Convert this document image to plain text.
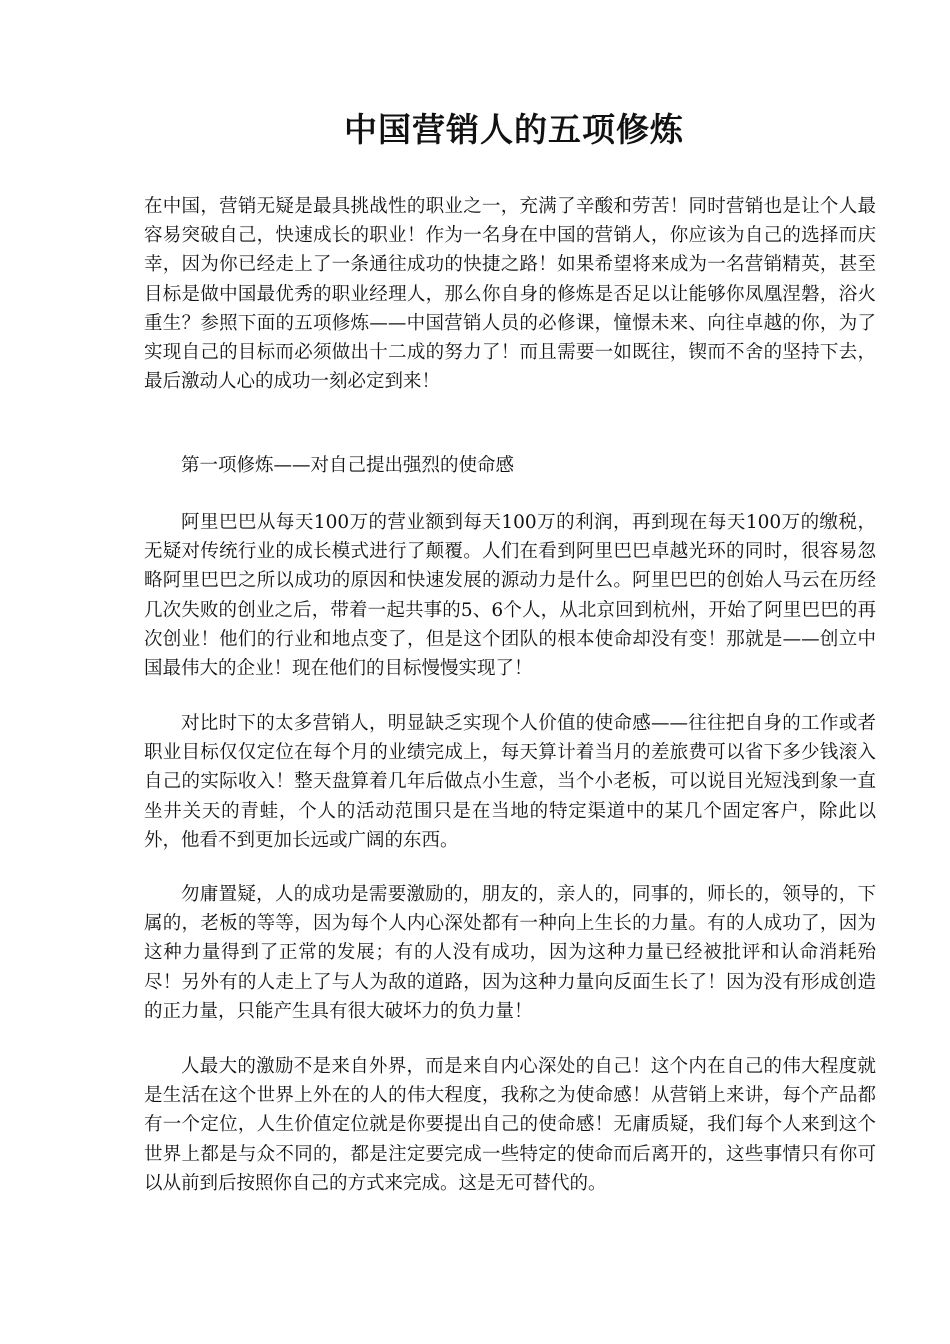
中国营销人的五项修炼

在中国，营销无疑是最具挑战性的职业之一，充满了辛酸和劳苦！同时营销也是让个人最容易突破自己，快速成长的职业！作为一名身在中国的营销人，你应该为自己的选择而庆幸，因为你已经走上了一条通往成功的快捷之路！如果希望将来成为一名营销精英，甚至目标是做中国最优秀的职业经理人，那么你自身的修炼是否足以让能够你凤凰涅磐，浴火重生？参照下面的五项修炼——中国营销人员的必修课，憧憬未来、向往卓越的你，为了实现自己的目标而必须做出十二成的努力了！而且需要一如既往，锲而不舍的坚持下去，最后激动人心的成功一刻必定到来！

第一项修炼——对自己提出强烈的使命感

阿里巴巴从每天100万的营业额到每天100万的利润，再到现在每天100万的缴税，无疑对传统行业的成长模式进行了颠覆。人们在看到阿里巴巴卓越光环的同时，很容易忽略阿里巴巴之所以成功的原因和快速发展的源动力是什么。阿里巴巴的创始人马云在历经几次失败的创业之后，带着一起共事的5、6个人，从北京回到杭州，开始了阿里巴巴的再次创业！他们的行业和地点变了，但是这个团队的根本使命却没有变！那就是——创立中国最伟大的企业！现在他们的目标慢慢实现了！

对比时下的太多营销人，明显缺乏实现个人价值的使命感——往往把自身的工作或者职业目标仅仅定位在每个月的业绩完成上，每天算计着当月的差旅费可以省下多少钱滚入自己的实际收入！整天盘算着几年后做点小生意，当个小老板，可以说目光短浅到象一直坐井关天的青蛙，个人的活动范围只是在当地的特定渠道中的某几个固定客户，除此以外，他看不到更加长远或广阔的东西。

勿庸置疑，人的成功是需要激励的，朋友的，亲人的，同事的，师长的，领导的，下属的，老板的等等，因为每个人内心深处都有一种向上生长的力量。有的人成功了，因为这种力量得到了正常的发展；有的人没有成功，因为这种力量已经被批评和认命消耗殆尽！另外有的人走上了与人为敌的道路，因为这种力量向反面生长了！因为没有形成创造的正力量，只能产生具有很大破坏力的负力量！

人最大的激励不是来自外界，而是来自内心深处的自己！这个内在自己的伟大程度就是生活在这个世界上外在的人的伟大程度，我称之为使命感！从营销上来讲，每个产品都有一个定位，人生价值定位就是你要提出自己的使命感！无庸质疑，我们每个人来到这个世界上都是与众不同的，都是注定要完成一些特定的使命而后离开的，这些事情只有你可以从前到后按照你自己的方式来完成。这是无可替代的。
